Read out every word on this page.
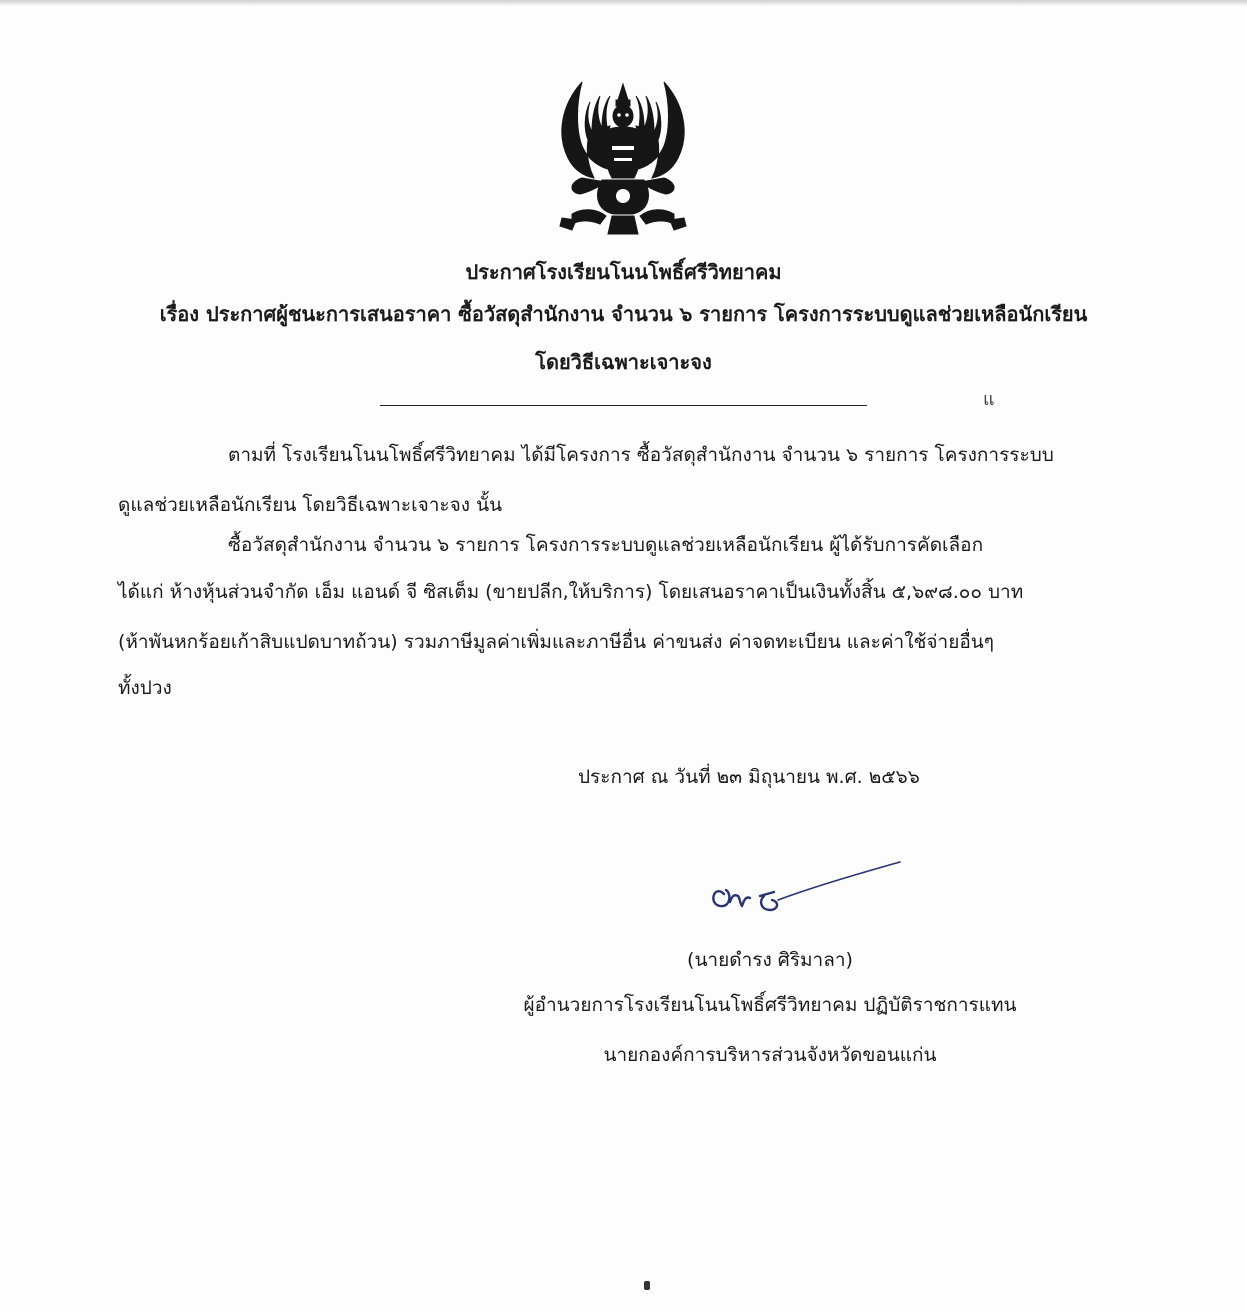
ประกาศโรงเรียนโนนโพธิ์ศรีวิทยาคม
เรื่อง ประกาศผู้ชนะการเสนอราคา ซื้อวัสดุสำนักงาน จำนวน ๖ รายการ โครงการระบบดูแลช่วยเหลือนักเรียน
โดยวิธีเฉพาะเจาะจง
แ
ตามที่ โรงเรียนโนนโพธิ์ศรีวิทยาคม ได้มีโครงการ ซื้อวัสดุสำนักงาน จำนวน ๖ รายการ โครงการระบบ
ดูแลช่วยเหลือนักเรียน โดยวิธีเฉพาะเจาะจง นั้น
ซื้อวัสดุสำนักงาน จำนวน ๖ รายการ โครงการระบบดูแลช่วยเหลือนักเรียน ผู้ได้รับการคัดเลือก
ได้แก่ ห้างหุ้นส่วนจำกัด เอ็ม แอนด์ จี ซิสเต็ม (ขายปลีก,ให้บริการ) โดยเสนอราคาเป็นเงินทั้งสิ้น ๕,๖๙๘.๐๐ บาท
(ห้าพันหกร้อยเก้าสิบแปดบาทถ้วน) รวมภาษีมูลค่าเพิ่มและภาษีอื่น ค่าขนส่ง ค่าจดทะเบียน และค่าใช้จ่ายอื่นๆ
ทั้งปวง
ประกาศ ณ วันที่ ๒๓ มิถุนายน พ.ศ. ๒๕๖๖
(นายดำรง ศิริมาลา)
ผู้อำนวยการโรงเรียนโนนโพธิ์ศรีวิทยาคม ปฏิบัติราชการแทน
นายกองค์การบริหารส่วนจังหวัดขอนแก่น
